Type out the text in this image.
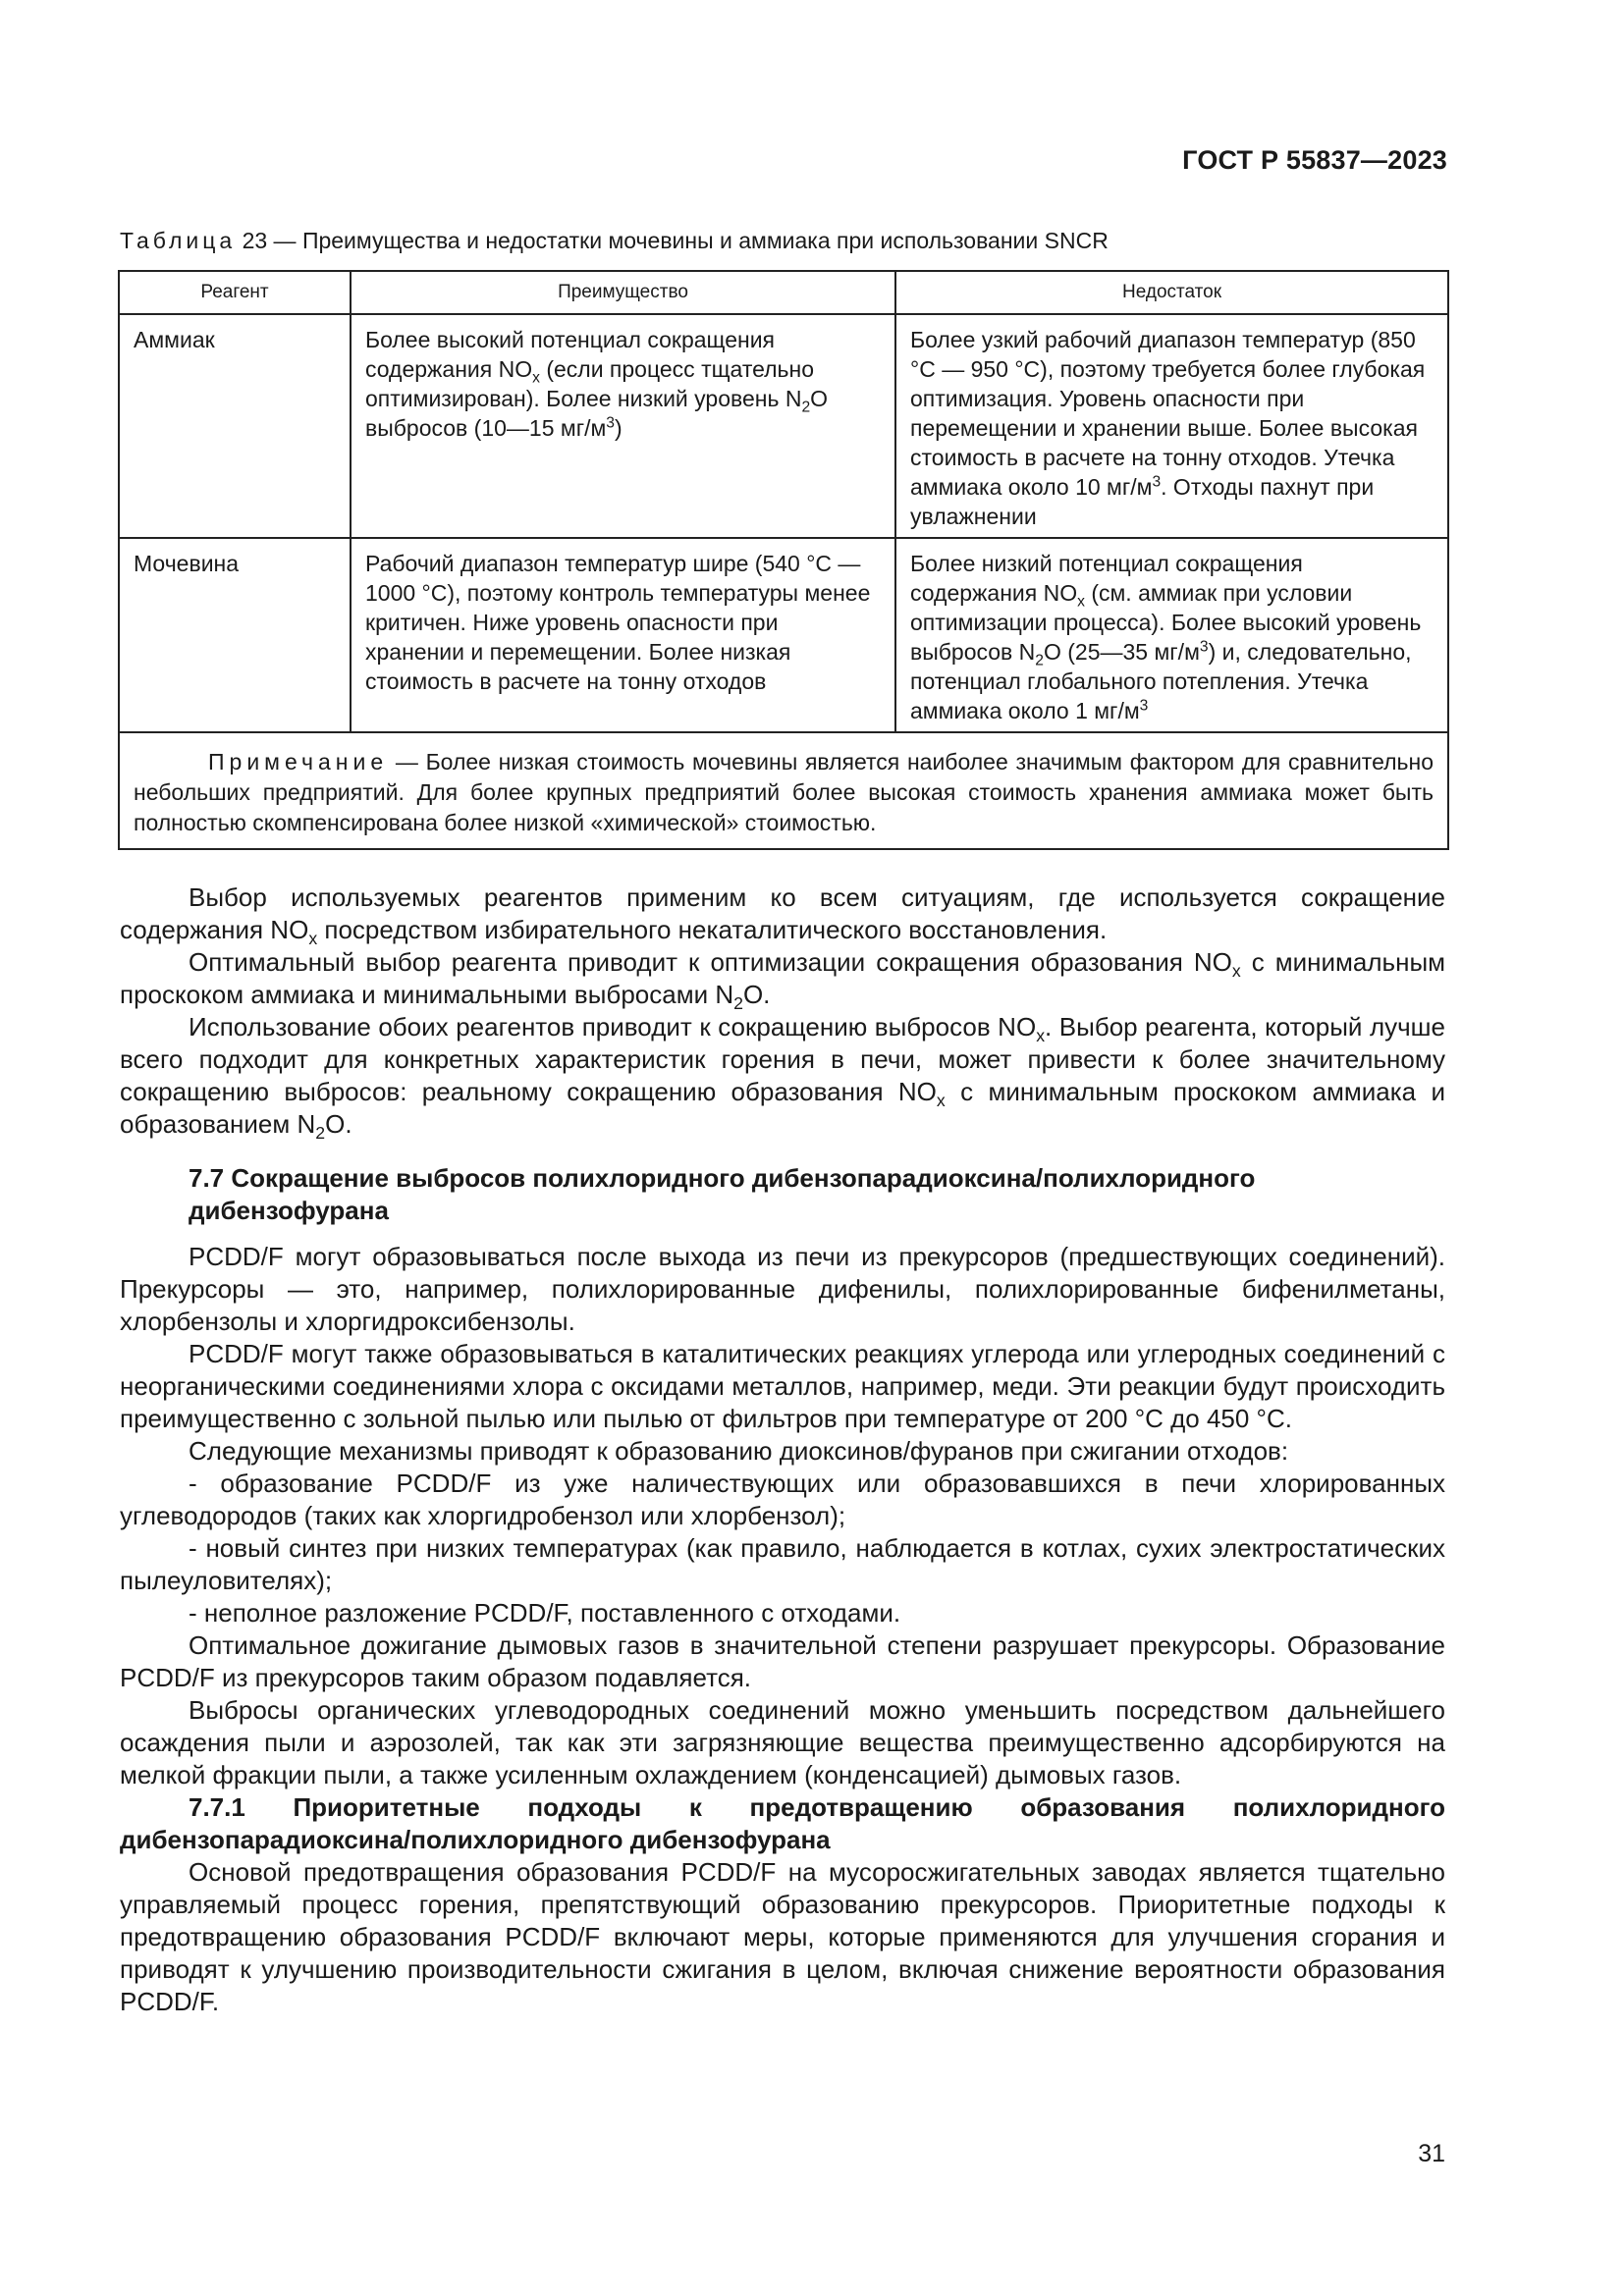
ГОСТ Р 55837—2023
Таблица 23 — Преимущества и недостатки мочевины и аммиака при использовании SNCR
Реагент	Преимущество	Недостаток
Аммиак	Более высокий потенциал сокращения содержания $NO_x$ (если процесс тщательно оптимизирован). Более низкий уровень $N_2O$ выбросов (10—15 $мг/м^3$)	Более узкий рабочий диапазон температур (850 °C — 950 °C), поэтому требуется более глубокая оптимизация. Уровень опасности при перемещении и хранении выше. Более высокая стоимость в расчете на тонну отходов. Утечка аммиака около 10 $мг/м^3$. Отходы пахнут при увлажнении
Мочевина	Рабочий диапазон температур шире (540 °C — 1000 °C), поэтому контроль температуры менее критичен. Ниже уровень опасности при хранении и перемещении. Более низкая стоимость в расчете на тонну отходов	Более низкий потенциал сокращения содержания $NO_x$ (см. аммиак при условии оптимизации процесса). Более высокий уровень выбросов $N_2O$ (25—35 $мг/м^3$) и, следовательно, потенциал глобального потепления. Утечка аммиака около 1 $мг/м^3$
Примечание — Более низкая стоимость мочевины является наиболее значимым фактором для сравнительно небольших предприятий. Для более крупных предприятий более высокая стоимость хранения аммиака может быть полностью скомпенсирована более низкой «химической» стоимостью.		

Выбор используемых реагентов применим ко всем ситуациям, где используется сокращение содержания $NO_x$ посредством избирательного некаталитического восстановления.

Оптимальный выбор реагента приводит к оптимизации сокращения образования $NO_x$ с минимальным проскоком аммиака и минимальными выбросами $N_2O$.

Использование обоих реагентов приводит к сокращению выбросов $NO_x$. Выбор реагента, который лучше всего подходит для конкретных характеристик горения в печи, может привести к более значительному сокращению выбросов: реальному сокращению образования $NO_x$ с минимальным проскоком аммиака и образованием $N_2O$.

7.7 Сокращение выбросов полихлоридного дибензопарадиоксина/полихлоридного дибензофурана

PCDD/F могут образовываться после выхода из печи из прекурсоров (предшествующих соединений). Прекурсоры — это, например, полихлорированные дифенилы, полихлорированные бифенилметаны, хлорбензолы и хлоргидроксибензолы.

PCDD/F могут также образовываться в каталитических реакциях углерода или углеродных соединений с неорганическими соединениями хлора с оксидами металлов, например, меди. Эти реакции будут происходить преимущественно с зольной пылью или пылью от фильтров при температуре от 200 °C до 450 °C.

Следующие механизмы приводят к образованию диоксинов/фуранов при сжигании отходов:

- образование PCDD/F из уже наличествующих или образовавшихся в печи хлорированных углеводородов (таких как хлоргидробензол или хлорбензол);

- новый синтез при низких температурах (как правило, наблюдается в котлах, сухих электростатических пылеуловителях);

- неполное разложение PCDD/F, поставленного с отходами.

Оптимальное дожигание дымовых газов в значительной степени разрушает прекурсоры. Образование PCDD/F из прекурсоров таким образом подавляется.

Выбросы органических углеводородных соединений можно уменьшить посредством дальнейшего осаждения пыли и аэрозолей, так как эти загрязняющие вещества преимущественно адсорбируются на мелкой фракции пыли, а также усиленным охлаждением (конденсацией) дымовых газов.

7.7.1 Приоритетные подходы к предотвращению образования полихлоридного дибензопарадиоксина/полихлоридного дибензофурана

Основой предотвращения образования PCDD/F на мусоросжигательных заводах является тщательно управляемый процесс горения, препятствующий образованию прекурсоров. Приоритетные подходы к предотвращению образования PCDD/F включают меры, которые применяются для улучшения сгорания и приводят к улучшению производительности сжигания в целом, включая снижение вероятности образования PCDD/F.

31
